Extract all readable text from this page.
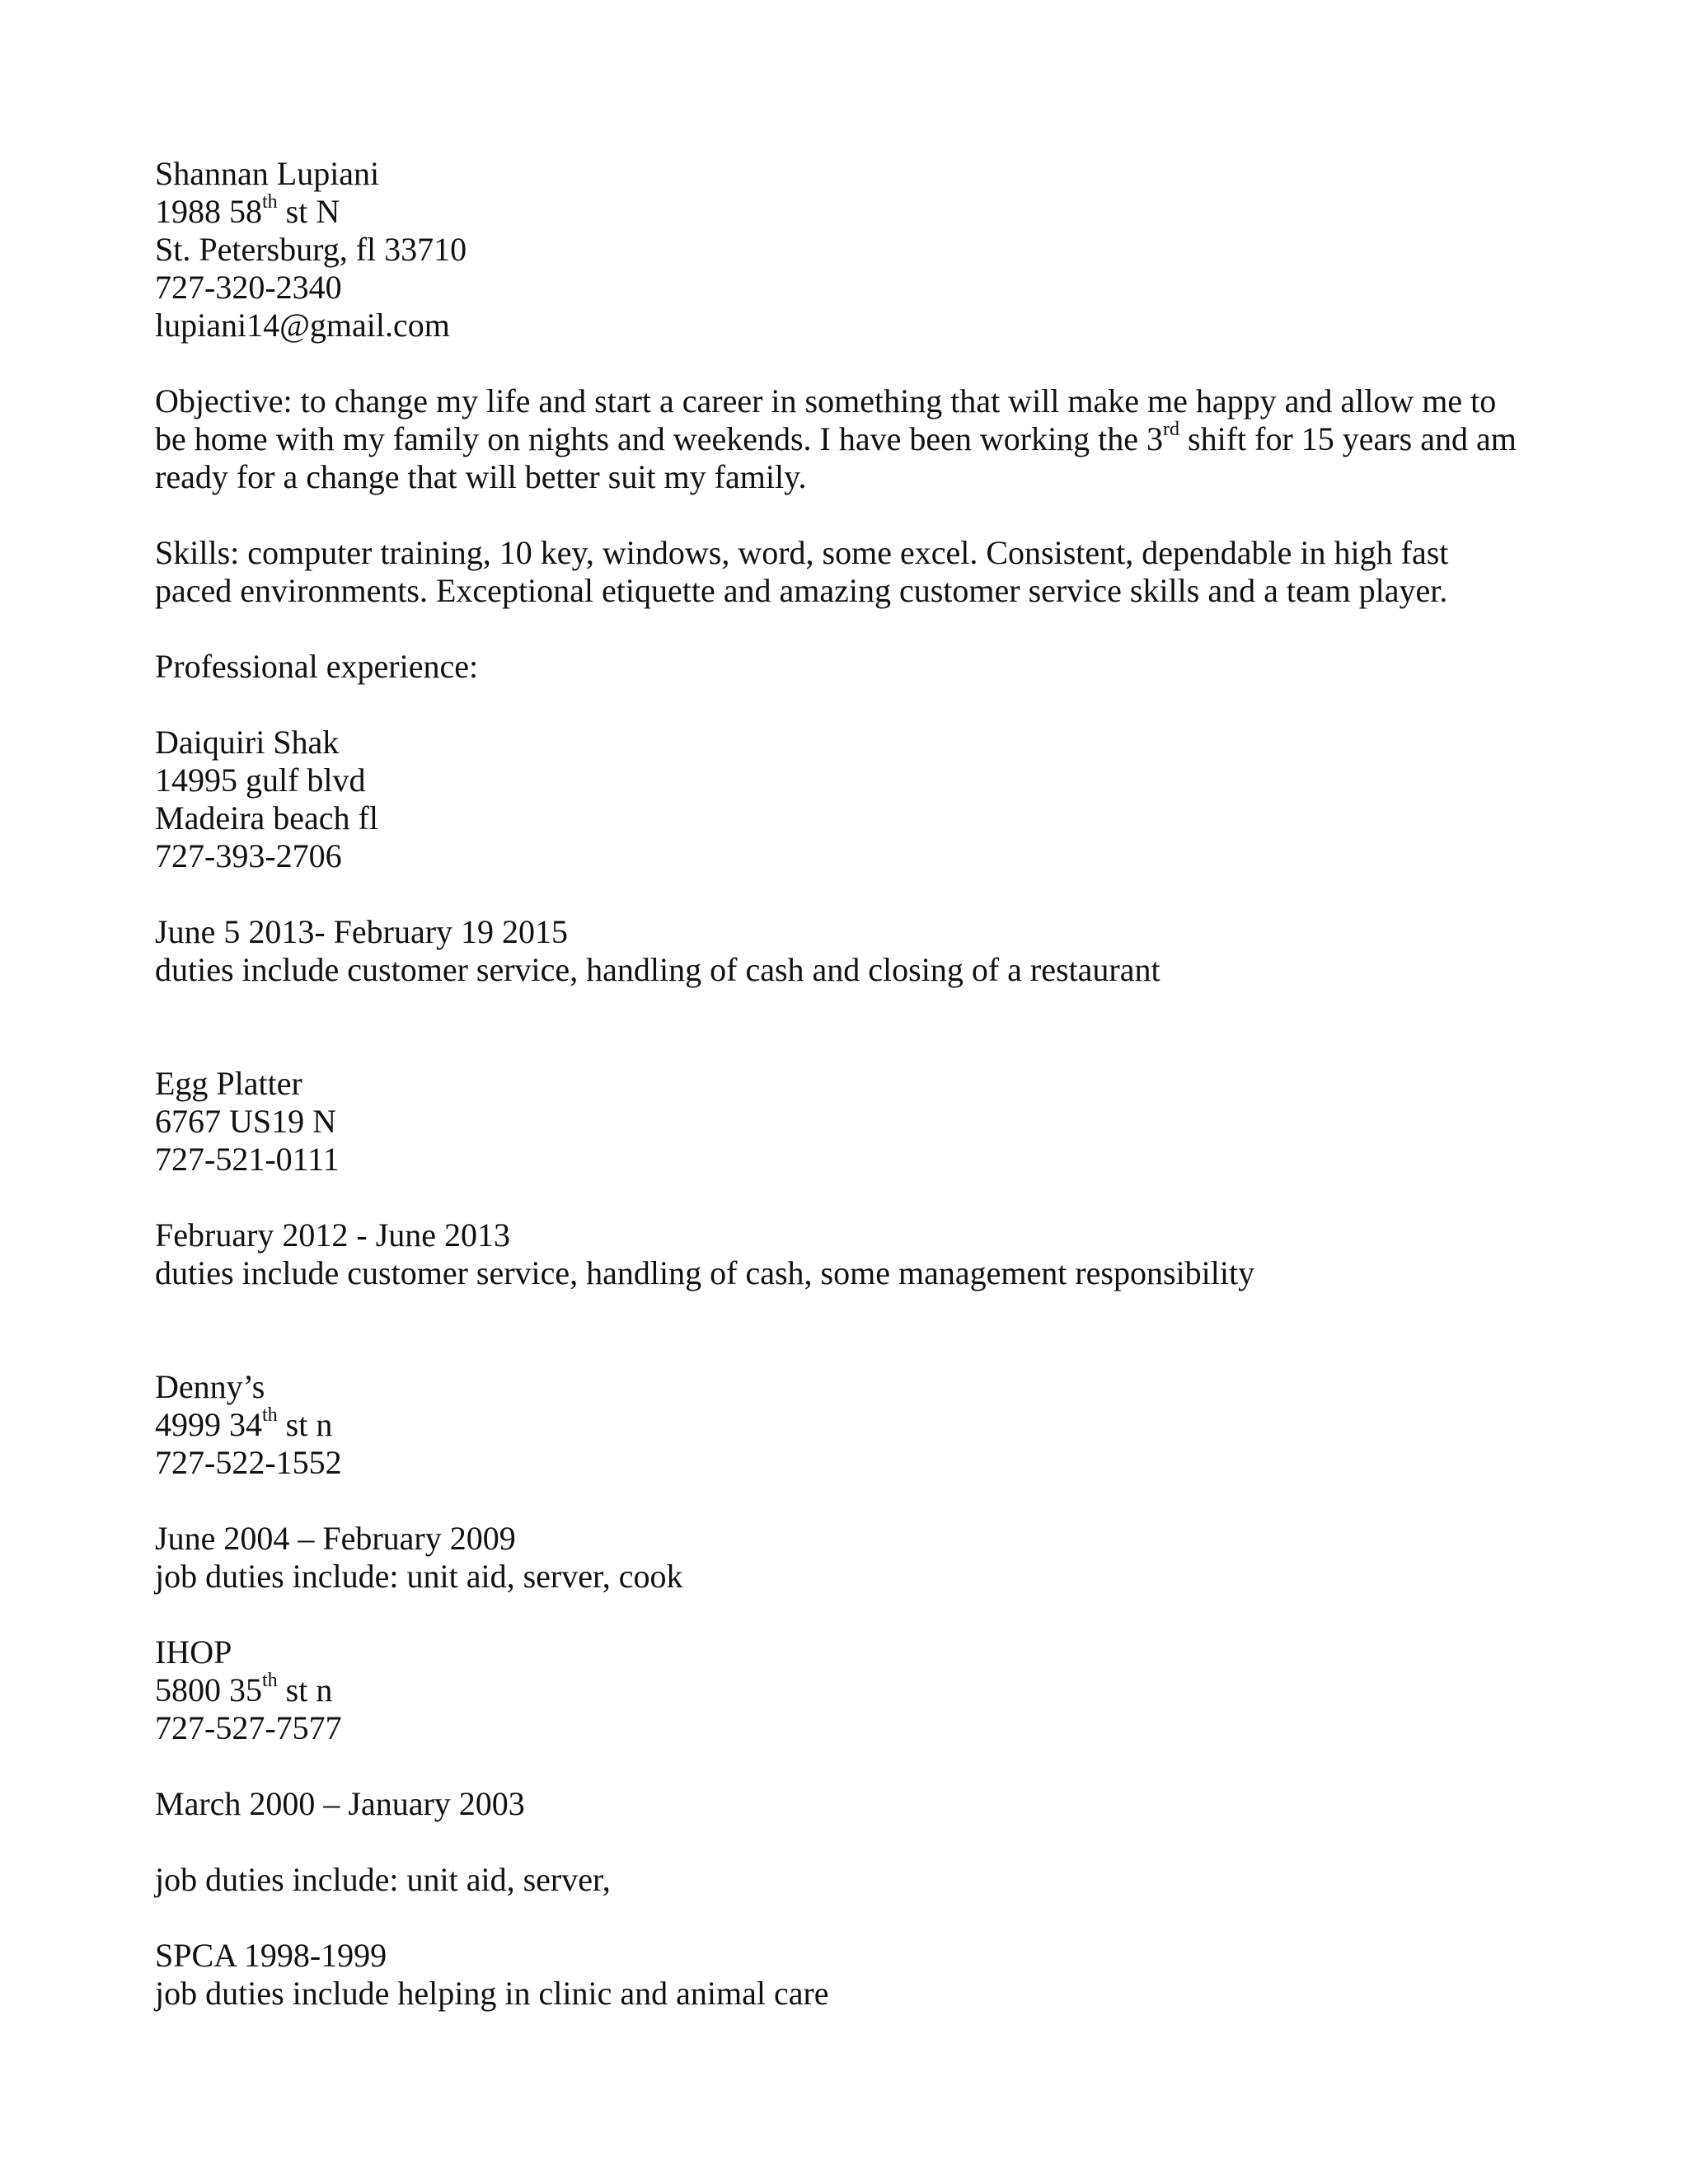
Shannan Lupiani
1988 58th st N
St. Petersburg, fl 33710
727-320-2340
lupiani14@gmail.com
Objective: to change my life and start a career in something that will make me happy and allow me to
be home with my family on nights and weekends. I have been working the 3rd shift for 15 years and am
ready for a change that will better suit my family.
Skills: computer training, 10 key, windows, word, some excel. Consistent, dependable in high fast
paced environments. Exceptional etiquette and amazing customer service skills and a team player.
Professional experience:
Daiquiri Shak
14995 gulf blvd
Madeira beach fl
727-393-2706
June 5 2013- February 19 2015
duties include customer service, handling of cash and closing of a restaurant
Egg Platter
6767 US19 N
727-521-0111
February 2012 - June 2013
duties include customer service, handling of cash, some management responsibility
Denny’s
4999 34th st n
727-522-1552
June 2004 – February 2009
job duties include: unit aid, server, cook
IHOP
5800 35th st n
727-527-7577
March 2000 – January 2003
job duties include: unit aid, server,
SPCA 1998-1999
job duties include helping in clinic and animal care
